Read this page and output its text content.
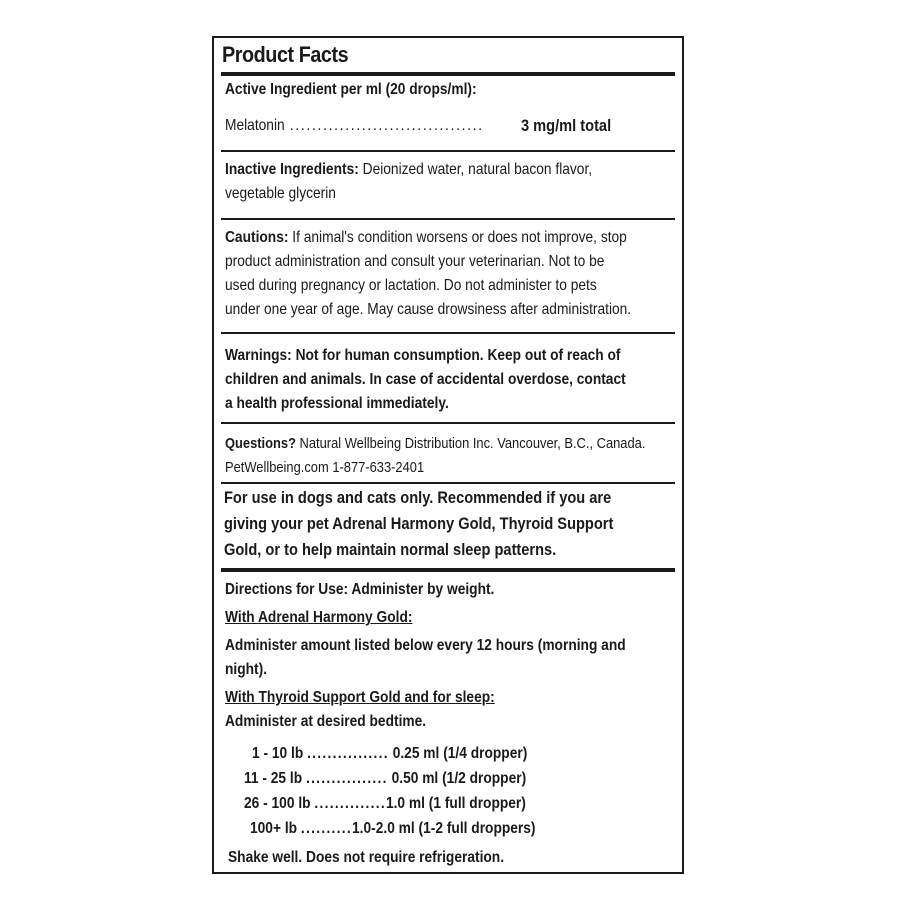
Product Facts
Active Ingredient per ml (20 drops/ml):
Melatonin ...................................	3 mg/ml total
Inactive Ingredients: Deionized water, natural bacon flavor,
vegetable glycerin
Cautions: If animal's condition worsens or does not improve, stop
product administration and consult your veterinarian. Not to be
used during pregnancy or lactation. Do not administer to pets
under one year of age. May cause drowsiness after administration.
Warnings: Not for human consumption. Keep out of reach of
children and animals. In case of accidental overdose, contact
a health professional immediately.
Questions? Natural Wellbeing Distribution Inc. Vancouver, B.C., Canada.
PetWellbeing.com 1-877-633-2401
For use in dogs and cats only. Recommended if you are
giving your pet Adrenal Harmony Gold, Thyroid Support
Gold, or to help maintain normal sleep patterns.
Directions for Use: Administer by weight.
With Adrenal Harmony Gold:
Administer amount listed below every 12 hours (morning and
night).
With Thyroid Support Gold and for sleep:
Administer at desired bedtime.
1 - 10 lb ................ 0.25 ml (1/4 dropper)
11 - 25 lb ................ 0.50 ml (1/2 dropper)
26 - 100 lb ..............1.0 ml (1 full dropper)
100+ lb ..........1.0-2.0 ml (1-2 full droppers)
Shake well. Does not require refrigeration.
